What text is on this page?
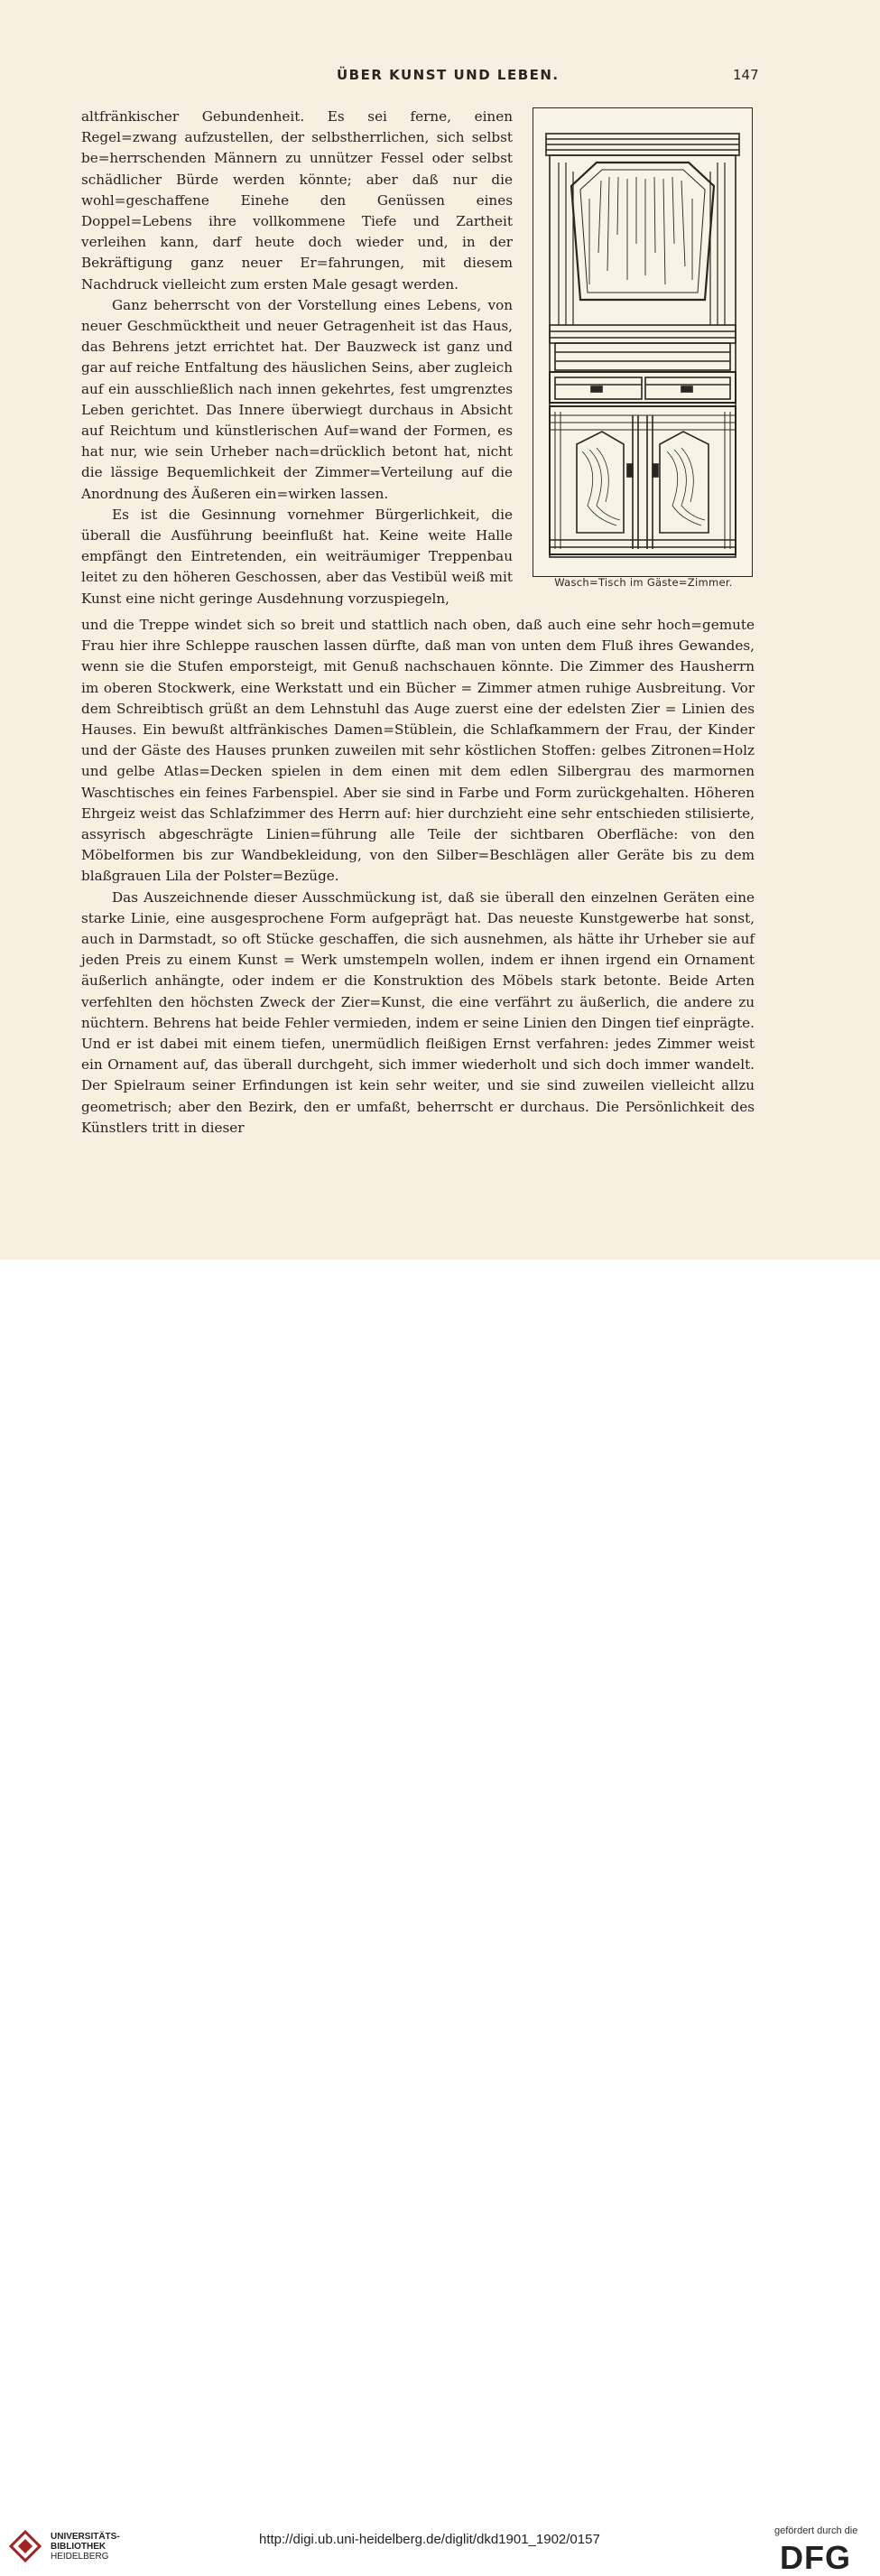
ÜBER KUNST UND LEBEN.	147

altfränkischer Gebundenheit. Es sei ferne, einen Regel=zwang aufzustellen, der selbstherrlichen, sich selbst be=herrschenden Männern zu unnützer Fessel oder selbst schädlicher Bürde werden könnte; aber daß nur die wohl=geschaffene Einehe den Genüssen eines Doppel=Lebens ihre vollkommene Tiefe und Zartheit verleihen kann, darf heute doch wieder und, in der Bekräftigung ganz neuer Er=fahrungen, mit diesem Nachdruck vielleicht zum ersten Male gesagt werden.

Ganz beherrscht von der Vorstellung eines Lebens, von neuer Geschmücktheit und neuer Getragenheit ist das Haus, das Behrens jetzt errichtet hat. Der Bauzweck ist ganz und gar auf reiche Entfaltung des häuslichen Seins, aber zugleich auf ein ausschließlich nach innen gekehrtes, fest umgrenztes Leben gerichtet. Das Innere überwiegt durchaus in Absicht auf Reichtum und künstlerischen Auf=wand der Formen, es hat nur, wie sein Urheber nach=drücklich betont hat, nicht die lässige Bequemlichkeit der Zimmer=Verteilung auf die Anordnung des Äußeren ein=wirken lassen.

Es ist die Gesinnung vornehmer Bürgerlichkeit, die überall die Ausführung beeinflußt hat. Keine weite Halle empfängt den Eintretenden, ein weiträumiger Treppenbau leitet zu den höheren Geschossen, aber das Vestibül weiß mit Kunst eine nicht geringe Ausdehnung vorzuspiegeln,

Wasch=Tisch im Gäste=Zimmer.

und die Treppe windet sich so breit und stattlich nach oben, daß auch eine sehr hoch=gemute Frau hier ihre Schleppe rauschen lassen dürfte, daß man von unten dem Fluß ihres Gewandes, wenn sie die Stufen emporsteigt, mit Genuß nachschauen könnte. Die Zimmer des Hausherrn im oberen Stockwerk, eine Werkstatt und ein Bücher = Zimmer atmen ruhige Ausbreitung. Vor dem Schreibtisch grüßt an dem Lehnstuhl das Auge zuerst eine der edelsten Zier = Linien des Hauses. Ein bewußt altfränkisches Damen=Stüblein, die Schlafkammern der Frau, der Kinder und der Gäste des Hauses prunken zuweilen mit sehr köstlichen Stoffen: gelbes Zitronen=Holz und gelbe Atlas=Decken spielen in dem einen mit dem edlen Silbergrau des marmornen Waschtisches ein feines Farbenspiel. Aber sie sind in Farbe und Form zurückgehalten. Höheren Ehrgeiz weist das Schlafzimmer des Herrn auf: hier durchzieht eine sehr entschieden stilisierte, assyrisch abgeschrägte Linien=führung alle Teile der sichtbaren Oberfläche: von den Möbelformen bis zur Wandbekleidung, von den Silber=Beschlägen aller Geräte bis zu dem blaßgrauen Lila der Polster=Bezüge.

Das Auszeichnende dieser Ausschmückung ist, daß sie überall den einzelnen Geräten eine starke Linie, eine ausgesprochene Form aufgeprägt hat. Das neueste Kunstgewerbe hat sonst, auch in Darmstadt, so oft Stücke geschaffen, die sich ausnehmen, als hätte ihr Urheber sie auf jeden Preis zu einem Kunst = Werk umstempeln wollen, indem er ihnen irgend ein Ornament äußerlich anhängte, oder indem er die Konstruktion des Möbels stark betonte. Beide Arten verfehlten den höchsten Zweck der Zier=Kunst, die eine verfährt zu äußerlich, die andere zu nüchtern. Behrens hat beide Fehler vermieden, indem er seine Linien den Dingen tief einprägte. Und er ist dabei mit einem tiefen, unermüdlich fleißigen Ernst verfahren: jedes Zimmer weist ein Ornament auf, das überall durchgeht, sich immer wiederholt und sich doch immer wandelt. Der Spielraum seiner Erfindungen ist kein sehr weiter, und sie sind zuweilen vielleicht allzu geometrisch; aber den Bezirk, den er umfaßt, beherrscht er durchaus. Die Persönlichkeit des Künstlers tritt in dieser

UNIVERSITÄTS-
BIBLIOTHEK
HEIDELBERG
http://digi.ub.uni-heidelberg.de/diglit/dkd1901_1902/0157
gefördert durch die
DFG
